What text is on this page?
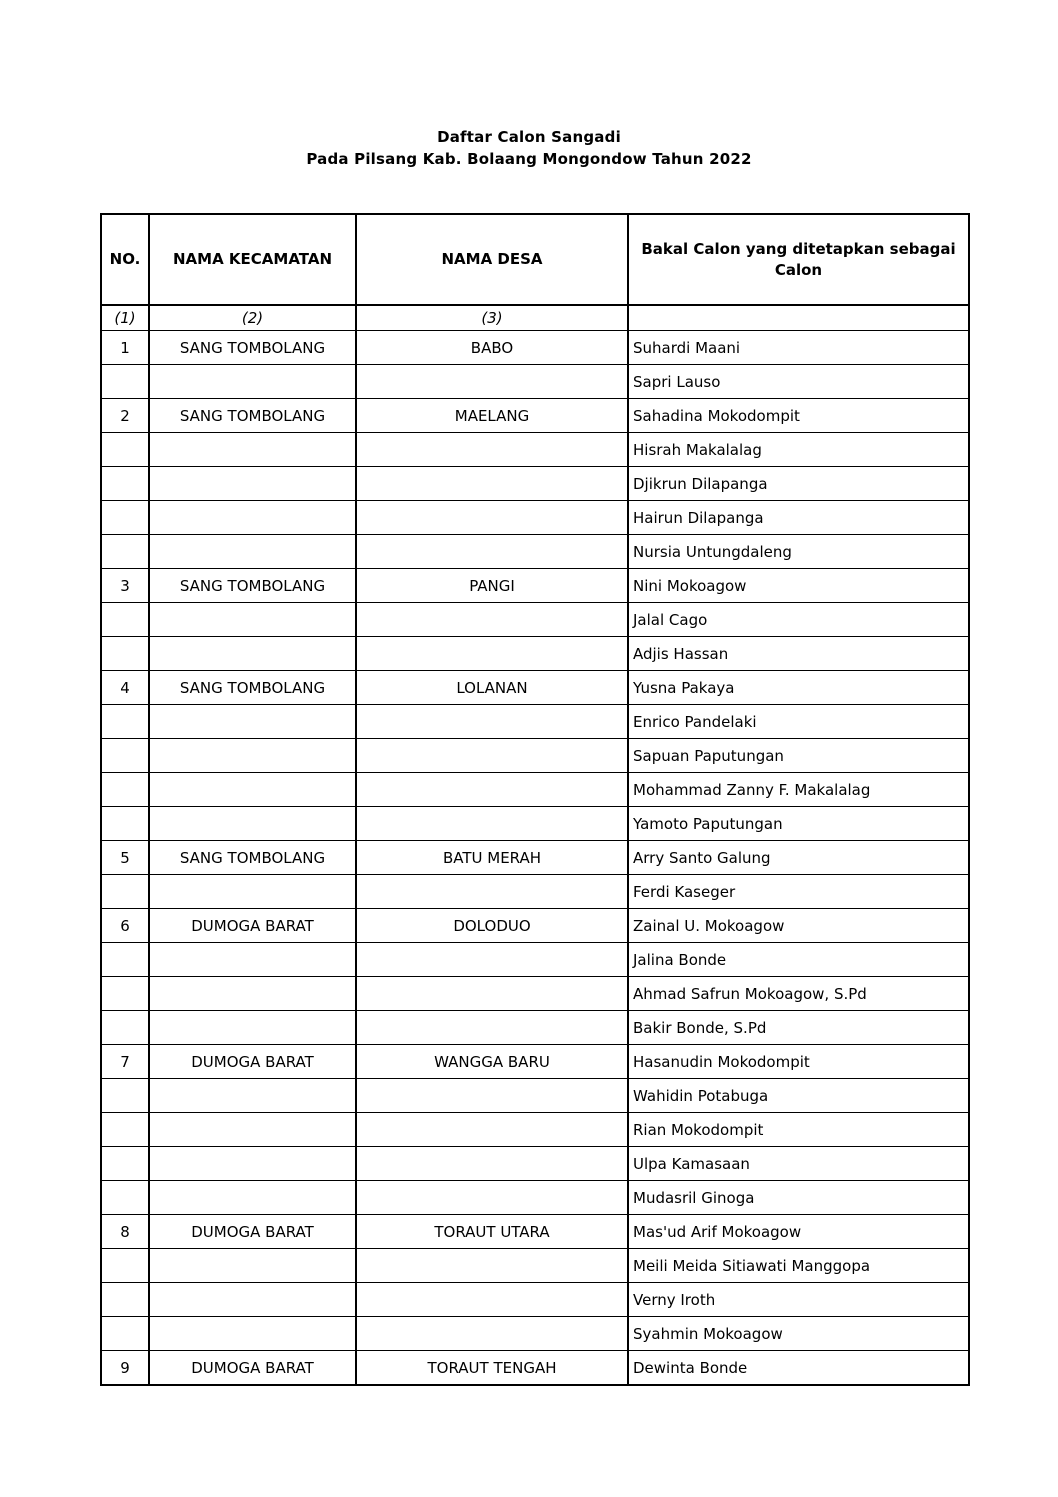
Daftar Calon Sangadi
Pada Pilsang Kab. Bolaang Mongondow Tahun 2022
NO.	NAMA KECAMATAN	NAMA DESA	Bakal Calon yang ditetapkan sebagai Calon
(1)	(2)	(3)	
1	SANG TOMBOLANG	BABO	Suhardi Maani
			Sapri Lauso
2	SANG TOMBOLANG	MAELANG	Sahadina Mokodompit
			Hisrah Makalalag
			Djikrun Dilapanga
			Hairun Dilapanga
			Nursia Untungdaleng
3	SANG TOMBOLANG	PANGI	Nini Mokoagow
			Jalal Cago
			Adjis Hassan
4	SANG TOMBOLANG	LOLANAN	Yusna Pakaya
			Enrico Pandelaki
			Sapuan Paputungan
			Mohammad Zanny F. Makalalag
			Yamoto Paputungan
5	SANG TOMBOLANG	BATU MERAH	Arry Santo Galung
			Ferdi Kaseger
6	DUMOGA BARAT	DOLODUO	Zainal U. Mokoagow
			Jalina Bonde
			Ahmad Safrun Mokoagow, S.Pd
			Bakir Bonde, S.Pd
7	DUMOGA BARAT	WANGGA BARU	Hasanudin Mokodompit
			Wahidin Potabuga
			Rian Mokodompit
			Ulpa Kamasaan
			Mudasril Ginoga
8	DUMOGA BARAT	TORAUT UTARA	Mas'ud Arif Mokoagow
			Meili Meida Sitiawati Manggopa
			Verny Iroth
			Syahmin Mokoagow
9	DUMOGA BARAT	TORAUT TENGAH	Dewinta Bonde
